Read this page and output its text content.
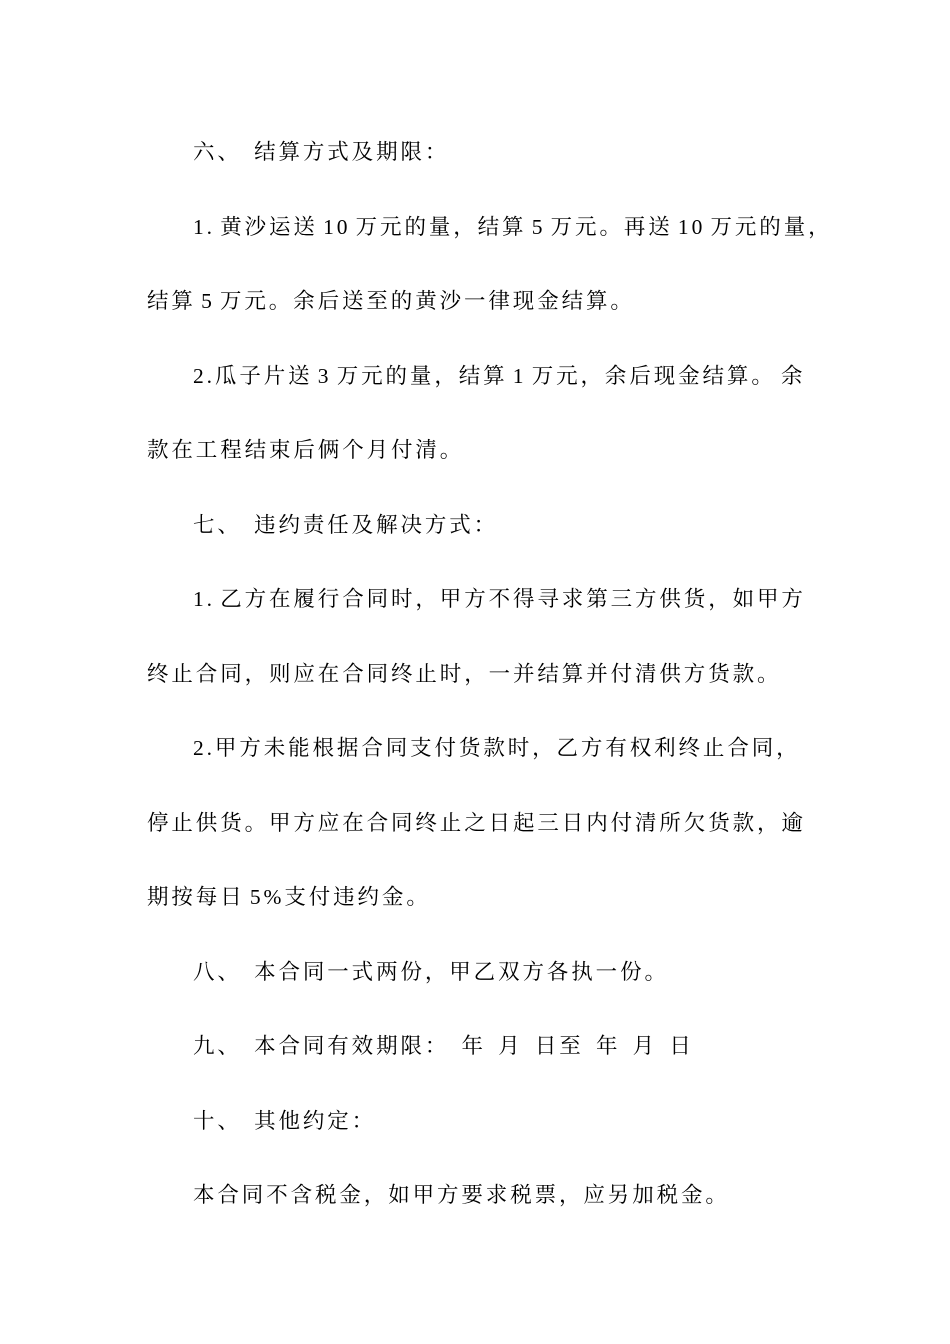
六、 结算方式及期限：
1. 黄沙运送 10 万元的量，结算 5 万元。再送 10 万元的量，
结算 5 万元。余后送至的黄沙一律现金结算。
2.瓜子片送 3 万元的量，结算 1 万元，余后现金结算。 余
款在工程结束后俩个月付清。
七、 违约责任及解决方式：
1. 乙方在履行合同时，甲方不得寻求第三方供货，如甲方
终止合同，则应在合同终止时，一并结算并付清供方货款。
2.甲方未能根据合同支付货款时，乙方有权利终止合同，
停止供货。甲方应在合同终止之日起三日内付清所欠货款，逾
期按每日 5%支付违约金。
八、 本合同一式两份，甲乙双方各执一份。
九、 本合同有效期限： 年 月 日至 年 月 日
十、 其他约定：
本合同不含税金，如甲方要求税票，应另加税金。
